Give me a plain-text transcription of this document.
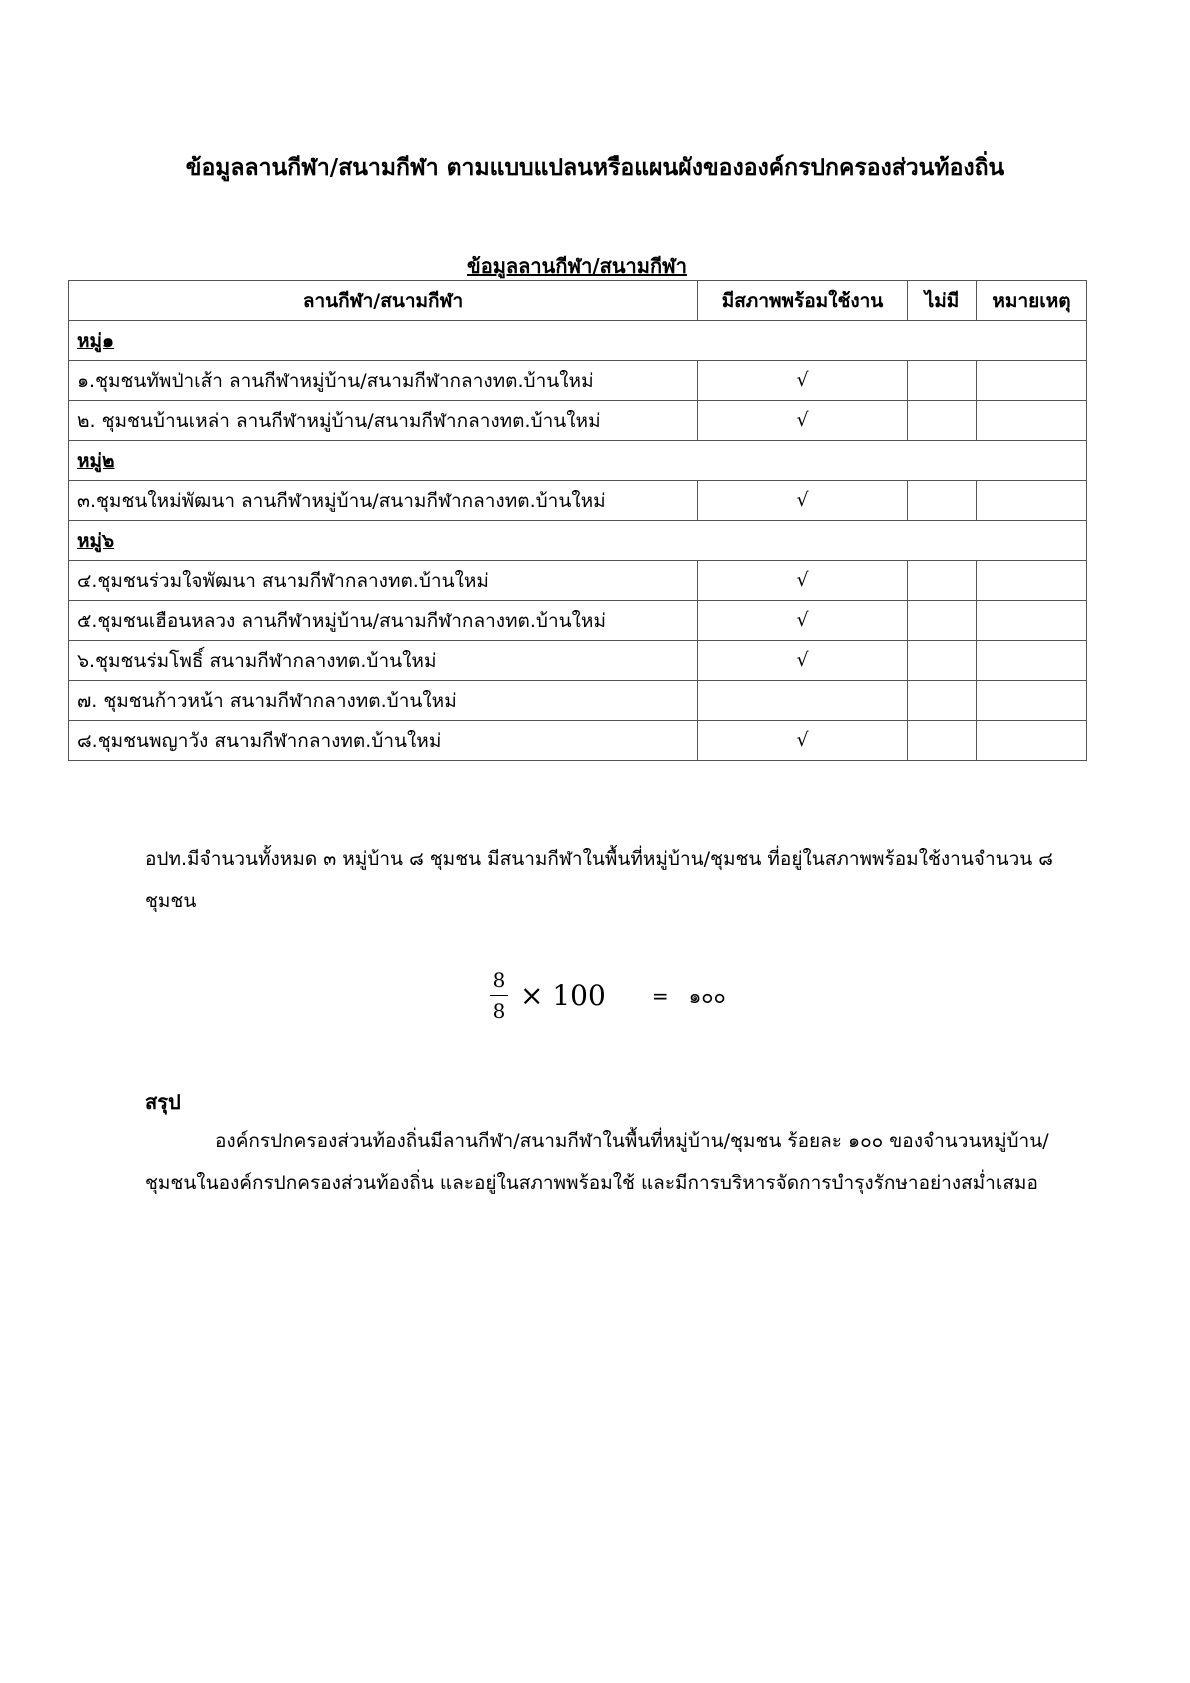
ข้อมูลลานกีฬา/สนามกีฬา ตามแบบแปลนหรือแผนผังขององค์กรปกครองส่วนท้องถิ่น
ข้อมูลลานกีฬา/สนามกีฬา
ลานกีฬา/สนามกีฬา	มีสภาพพร้อมใช้งาน	ไม่มี	หมายเหตุ
หมู่๑			
๑.ชุมชนทัพป่าเส้า ลานกีฬาหมู่บ้าน/สนามกีฬากลางทต.บ้านใหม่	√		
๒. ชุมชนบ้านเหล่า ลานกีฬาหมู่บ้าน/สนามกีฬากลางทต.บ้านใหม่	√		
หมู่๒			
๓.ชุมชนใหม่พัฒนา ลานกีฬาหมู่บ้าน/สนามกีฬากลางทต.บ้านใหม่	√		
หมู่๖			
๔.ชุมชนร่วมใจพัฒนา สนามกีฬากลางทต.บ้านใหม่	√		
๕.ชุมชนเฮือนหลวง ลานกีฬาหมู่บ้าน/สนามกีฬากลางทต.บ้านใหม่	√		
๖.ชุมชนร่มโพธิ์ สนามกีฬากลางทต.บ้านใหม่	√		
๗. ชุมชนก้าวหน้า สนามกีฬากลางทต.บ้านใหม่			
๘.ชุมชนพญาวัง สนามกีฬากลางทต.บ้านใหม่	√		

อปท.มีจำนวนทั้งหมด ๓ หมู่บ้าน ๘ ชุมชน มีสนามกีฬาในพื้นที่หมู่บ้าน/ชุมชน ที่อยู่ในสภาพพร้อมใช้งานจำนวน ๘ ชุมชน

$\frac{8}{8} \times 100$ = ๑๐๐

สรุป

องค์กรปกครองส่วนท้องถิ่นมีลานกีฬา/สนามกีฬาในพื้นที่หมู่บ้าน/ชุมชน ร้อยละ ๑๐๐ ของจำนวนหมู่บ้าน/ชุมชนในองค์กรปกครองส่วนท้องถิ่น และอยู่ในสภาพพร้อมใช้ และมีการบริหารจัดการบำรุงรักษาอย่างสม่ำเสมอ
